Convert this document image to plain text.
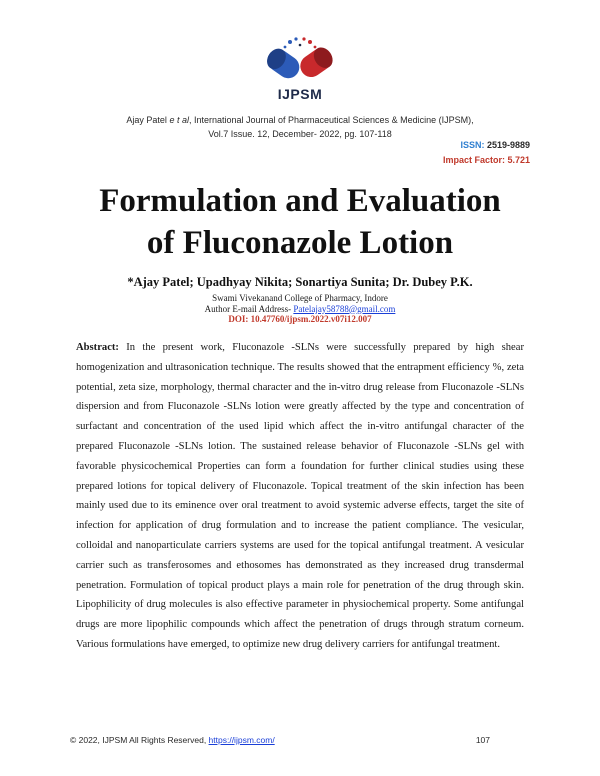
IJPSM
Ajay Patel e t al, International Journal of Pharmaceutical Sciences & Medicine (IJPSM),
Vol.7 Issue. 12, December- 2022, pg. 107-118
ISSN: 2519-9889
Impact Factor: 5.721
Formulation and Evaluation
of Fluconazole Lotion
*Ajay Patel; Upadhyay Nikita; Sonartiya Sunita; Dr. Dubey P.K.
Swami Vivekanand College of Pharmacy, Indore
Author E-mail Address- Patelajay58788@gmail.com
DOI: 10.47760/ijpsm.2022.v07i12.007
Abstract: In the present work, Fluconazole -SLNs were successfully prepared by high shear homogenization and ultrasonication technique. The results showed that the entrapment efficiency %, zeta potential, zeta size, morphology, thermal character and the in-vitro drug release from Fluconazole -SLNs dispersion and from Fluconazole -SLNs lotion were greatly affected by the type and concentration of surfactant and concentration of the used lipid which affect the in-vitro antifungal character of the prepared Fluconazole -SLNs lotion. The sustained release behavior of Fluconazole -SLNs gel with favorable physicochemical Properties can form a foundation for further clinical studies using these prepared lotions for topical delivery of Fluconazole. Topical treatment of the skin infection has been mainly used due to its eminence over oral treatment to avoid systemic adverse effects, target the site of infection for application of drug formulation and to increase the patient compliance. The vesicular, colloidal and nanoparticulate carriers systems are used for the topical antifungal treatment. A vesicular carrier such as transferosomes and ethosomes has demonstrated as they increased drug transdermal penetration. Formulation of topical product plays a main role for penetration of the drug through skin. Lipophilicity of drug molecules is also effective parameter in physiochemical property. Some antifungal drugs are more lipophilic compounds which affect the penetration of drugs through stratum corneum. Various formulations have emerged, to optimize new drug delivery carriers for antifungal treatment.
© 2022, IJPSM All Rights Reserved, https://ijpsm.com/	107
